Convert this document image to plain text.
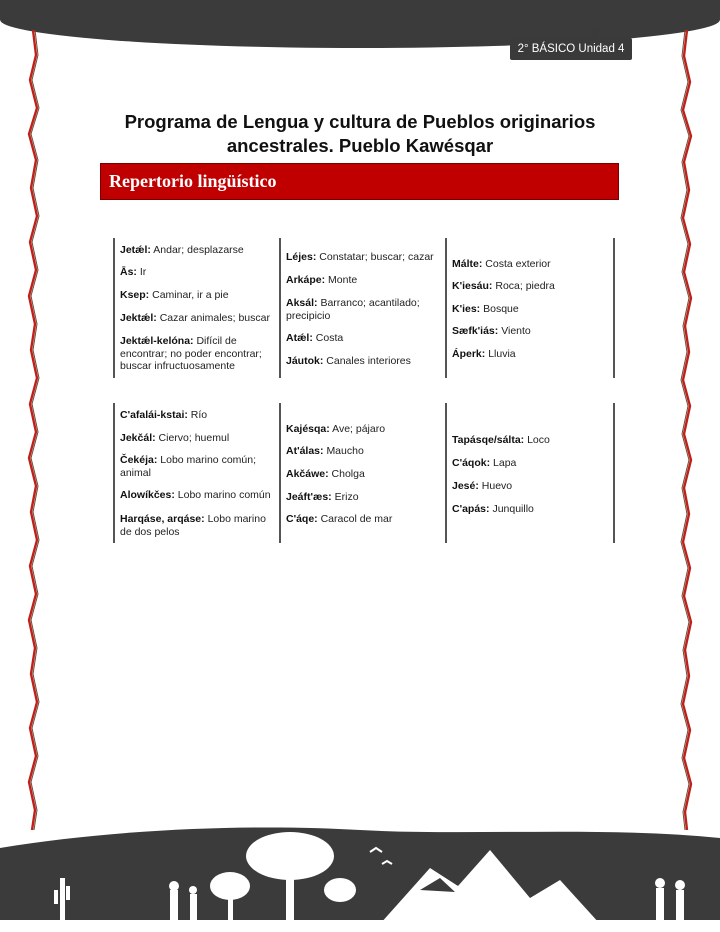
2° BÁSICO Unidad 4
Programa de Lengua y cultura de Pueblos originarios
ancestrales. Pueblo Kawésqar
Repertorio lingüístico
Jetǽl: Andar; desplazarse
Ās: Ir
Ksep: Caminar, ir a pie
Jektǽl: Cazar animales; buscar
Jektǽl-kelóna: Difícil de encontrar; no poder encontrar; buscar infructuosamente
Léjes: Constatar; buscar; cazar
Arkápe: Monte
Aksál: Barranco; acantilado; precipicio
Atǽl: Costa
Jáutok: Canales interiores
Málte: Costa exterior
K'iesáu: Roca; piedra
K'ies: Bosque
Sæfk'iás: Viento
Áperk: Lluvia
C'afalái-kstai: Río
Jekčál: Ciervo; huemul
Čekéja: Lobo marino común; animal
Alowíkčes: Lobo marino común
Harqáse, arqáse: Lobo marino de dos pelos
Kajésqa: Ave; pájaro
At'álas: Maucho
Akčáwe: Cholga
Jeáft'æs: Erizo
C'áqe: Caracol de mar
Tapásqe/sálta: Loco
C'áqok: Lapa
Jesé: Huevo
C'apás: Junquillo
